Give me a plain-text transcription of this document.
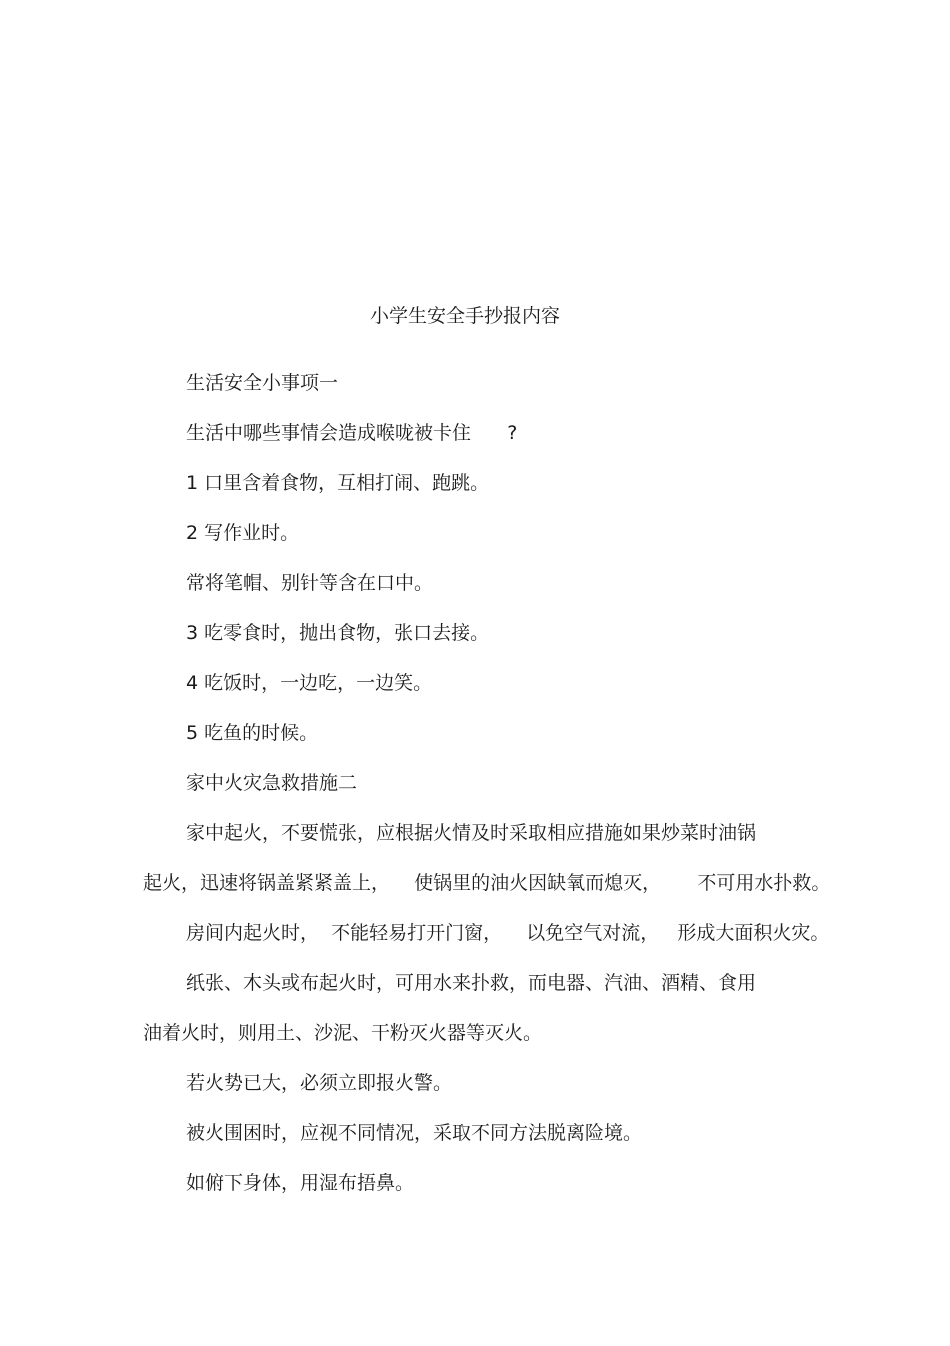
小学生安全手抄报内容
生活安全小事项一
生活中哪些事情会造成喉咙被卡住      ?
1 口里含着食物，互相打闹、跑跳。
2 写作业时。
常将笔帽、别针等含在口中。
3 吃零食时，抛出食物，张口去接。
4 吃饭时，一边吃，一边笑。
5 吃鱼的时候。
家中火灾急救措施二
家中起火，不要慌张，应根据火情及时采取相应措施如果炒菜时油锅
起火，迅速将锅盖紧紧盖上，    使锅里的油火因缺氧而熄灭，      不可用水扑救。
房间内起火时，  不能轻易打开门窗，    以免空气对流，   形成大面积火灾。
纸张、木头或布起火时，可用水来扑救，而电器、汽油、酒精、食用
油着火时，则用土、沙泥、干粉灭火器等灭火。
若火势已大，必须立即报火警。
被火围困时，应视不同情况，采取不同方法脱离险境。
如俯下身体，用湿布捂鼻。
